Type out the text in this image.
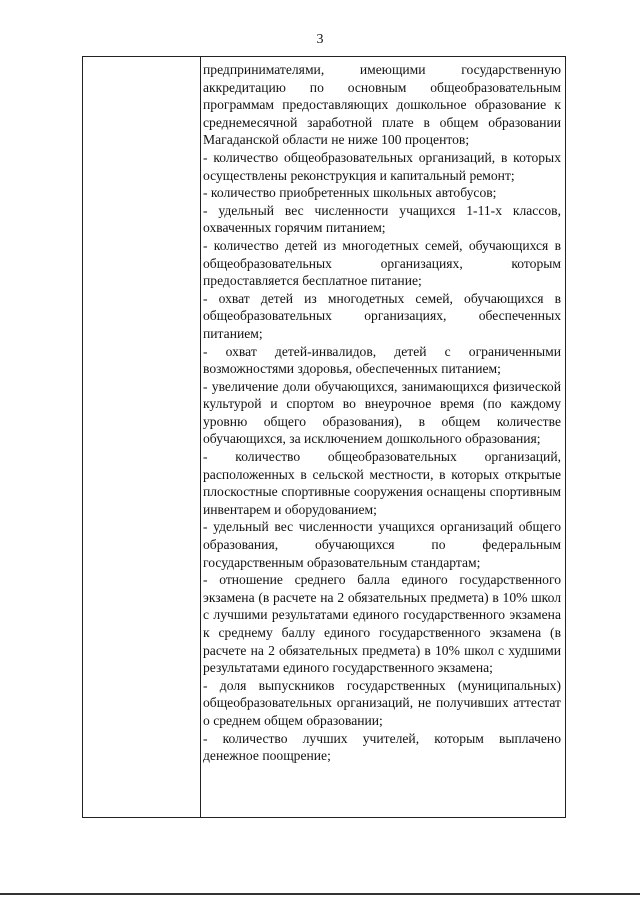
3

предпринимателями, имеющими государственную аккредитацию по основным общеобразовательным программам предоставляющих дошкольное образование к среднемесячной заработной плате в общем образовании Магаданской области не ниже 100 процентов;

- количество общеобразовательных организаций, в которых осуществлены реконструкция и капитальный ремонт;

- количество приобретенных школьных автобусов;

- удельный вес численности учащихся 1-11-х классов, охваченных горячим питанием;

- количество детей из многодетных семей, обучающихся в общеобразовательных организациях, которым предоставляется бесплатное питание;

- охват детей из многодетных семей, обучающихся в общеобразовательных организациях, обеспеченных питанием;

- охват детей-инвалидов, детей с ограниченными возможностями здоровья, обеспеченных питанием;

- увеличение доли обучающихся, занимающихся физической культурой и спортом во внеурочное время (по каждому уровню общего образования), в общем количестве обучающихся, за исключением дошкольного образования;

- количество общеобразовательных организаций, расположенных в сельской местности, в которых открытые плоскостные спортивные сооружения оснащены спортивным инвентарем и оборудованием;

- удельный вес численности учащихся организаций общего образования, обучающихся по федеральным государственным образовательным стандартам;

- отношение среднего балла единого государственного экзамена (в расчете на 2 обязательных предмета) в 10% школ с лучшими результатами единого государственного экзамена к среднему баллу единого государственного экзамена (в расчете на 2 обязательных предмета) в 10% школ с худшими результатами единого государственного экзамена;

- доля выпускников государственных (муниципальных) общеобразовательных организаций, не получивших аттестат о среднем общем образовании;

- количество лучших учителей, которым выплачено денежное поощрение;
